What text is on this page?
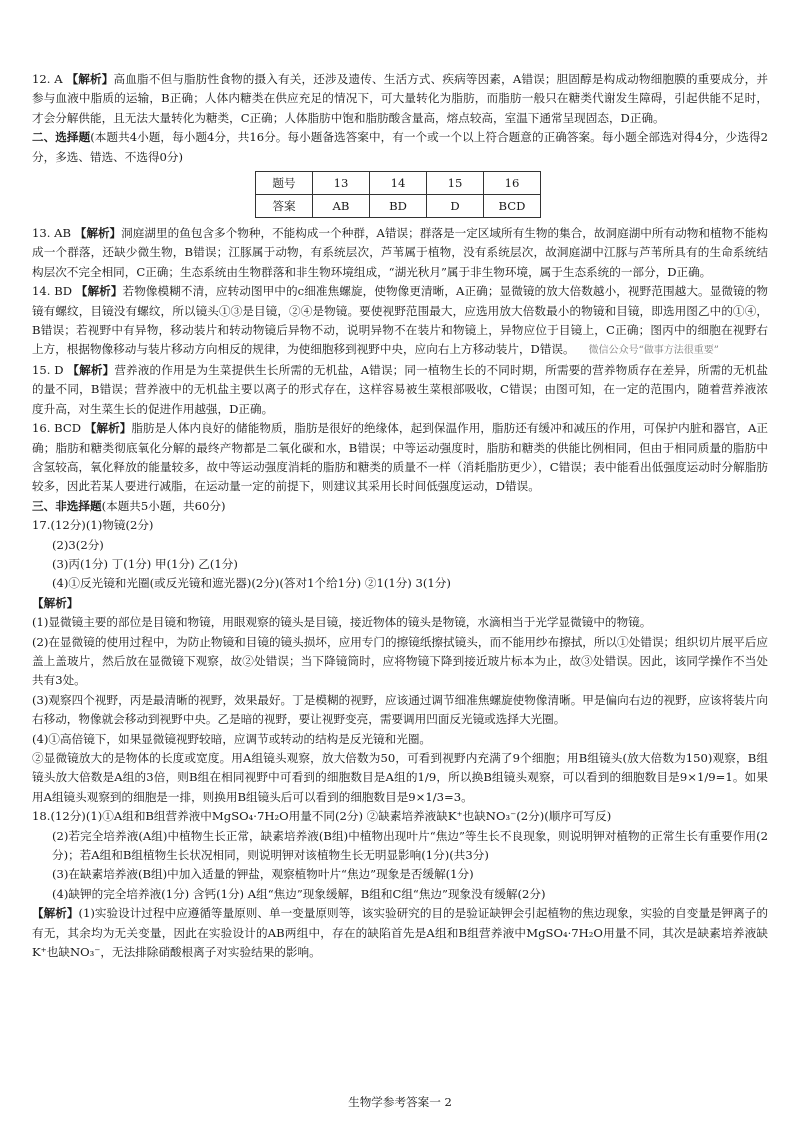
12. A 【解析】高血脂不但与脂肪性食物的摄入有关，还涉及遗传、生活方式、疾病等因素，A错误；胆固醇是构成动物细胞膜的重要成分，并参与血液中脂质的运输，B正确；人体内糖类在供应充足的情况下，可大量转化为脂肪，而脂肪一般只在糖类代谢发生障碍，引起供能不足时，才会分解供能，且无法大量转化为糖类，C正确；人体脂肪中饱和脂肪酸含量高，熔点较高，室温下通常呈现固态，D正确。

二、选择题(本题共4小题，每小题4分，共16分。每小题备选答案中，有一个或一个以上符合题意的正确答案。每小题全部选对得4分，少选得2分，多选、错选、不选得0分)

题号	13	14	15	16
答案	AB	BD	D	BCD

13. AB 【解析】洞庭湖里的鱼包含多个物种，不能构成一个种群，A错误；群落是一定区域所有生物的集合，故洞庭湖中所有动物和植物不能构成一个群落，还缺少微生物，B错误；江豚属于动物，有系统层次，芦苇属于植物，没有系统层次，故洞庭湖中江豚与芦苇所具有的生命系统结构层次不完全相同，C正确；生态系统由生物群落和非生物环境组成，“湖光秋月”属于非生物环境，属于生态系统的一部分，D正确。

14. BD 【解析】若物像模糊不清，应转动图甲中的c细准焦螺旋，使物像更清晰，A正确；显微镜的放大倍数越小，视野范围越大。显微镜的物镜有螺纹，目镜没有螺纹，所以镜头①③是目镜，②④是物镜。要使视野范围最大，应选用放大倍数最小的物镜和目镜，即选用图乙中的①④，B错误；若视野中有异物，移动装片和转动物镜后异物不动，说明异物不在装片和物镜上，异物应位于目镜上，C正确；图丙中的细胞在视野右上方，根据物像移动与装片移动方向相反的规律，为使细胞移到视野中央，应向右上方移动装片，D错误。 微信公众号“做事方法很重要”

15. D 【解析】营养液的作用是为生菜提供生长所需的无机盐，A错误；同一植物生长的不同时期，所需要的营养物质存在差异，所需的无机盐的量不同，B错误；营养液中的无机盐主要以离子的形式存在，这样容易被生菜根部吸收，C错误；由图可知，在一定的范围内，随着营养液浓度升高，对生菜生长的促进作用越强，D正确。

16. BCD 【解析】脂肪是人体内良好的储能物质，脂肪是很好的绝缘体，起到保温作用，脂肪还有缓冲和减压的作用，可保护内脏和器官，A正确；脂肪和糖类彻底氧化分解的最终产物都是二氧化碳和水，B错误；中等运动强度时，脂肪和糖类的供能比例相同，但由于相同质量的脂肪中含氢较高，氧化释放的能量较多，故中等运动强度消耗的脂肪和糖类的质量不一样（消耗脂肪更少），C错误；表中能看出低强度运动时分解脂肪较多，因此若某人要进行减脂，在运动量一定的前提下，则建议其采用长时间低强度运动，D错误。

三、非选择题(本题共5小题，共60分)

17.(12分)(1)物镜(2分)

(2)3(2分)

(3)丙(1分) 丁(1分) 甲(1分) 乙(1分)

(4)①反光镜和光圈(或反光镜和遮光器)(2分)(答对1个给1分) ②1(1分) 3(1分)

【解析】

(1)显微镜主要的部位是目镜和物镜，用眼观察的镜头是目镜，接近物体的镜头是物镜，水滴相当于光学显微镜中的物镜。

(2)在显微镜的使用过程中，为防止物镜和目镜的镜头损坏，应用专门的擦镜纸擦拭镜头，而不能用纱布擦拭，所以①处错误；组织切片展平后应盖上盖玻片，然后放在显微镜下观察，故②处错误；当下降镜筒时，应将物镜下降到接近玻片标本为止，故③处错误。因此，该同学操作不当处共有3处。

(3)观察四个视野，丙是最清晰的视野，效果最好。丁是模糊的视野，应该通过调节细准焦螺旋使物像清晰。甲是偏向右边的视野，应该将装片向右移动，物像就会移动到视野中央。乙是暗的视野，要让视野变亮，需要调用凹面反光镜或选择大光圈。

(4)①高倍镜下，如果显微镜视野较暗，应调节或转动的结构是反光镜和光圈。

②显微镜放大的是物体的长度或宽度。用A组镜头观察，放大倍数为50，可看到视野内充满了9个细胞；用B组镜头(放大倍数为150)观察，B组镜头放大倍数是A组的3倍，则B组在相同视野中可看到的细胞数目是A组的1/9，所以换B组镜头观察，可以看到的细胞数目是9×1/9=1。如果用A组镜头观察到的细胞是一排，则换用B组镜头后可以看到的细胞数目是9×1/3=3。

18.(12分)(1)①A组和B组营养液中MgSO₄·7H₂O用量不同(2分) ②缺素培养液缺K⁺也缺NO₃⁻(2分)(顺序可写反)

(2)若完全培养液(A组)中植物生长正常，缺素培养液(B组)中植物出现叶片“焦边”等生长不良现象，则说明钾对植物的正常生长有重要作用(2分)；若A组和B组植物生长状况相同，则说明钾对该植物生长无明显影响(1分)(共3分)

(3)在缺素培养液(B组)中加入适量的钾盐，观察植物叶片“焦边”现象是否缓解(1分)

(4)缺钾的完全培养液(1分) 含钙(1分) A组“焦边”现象缓解，B组和C组“焦边”现象没有缓解(2分)

【解析】(1)实验设计过程中应遵循等量原则、单一变量原则等，该实验研究的目的是验证缺钾会引起植物的焦边现象，实验的自变量是钾离子的有无，其余均为无关变量，因此在实验设计的AB两组中，存在的缺陷首先是A组和B组营养液中MgSO₄·7H₂O用量不同，其次是缺素培养液缺K⁺也缺NO₃⁻，无法排除硝酸根离子对实验结果的影响。

生物学参考答案一 2
